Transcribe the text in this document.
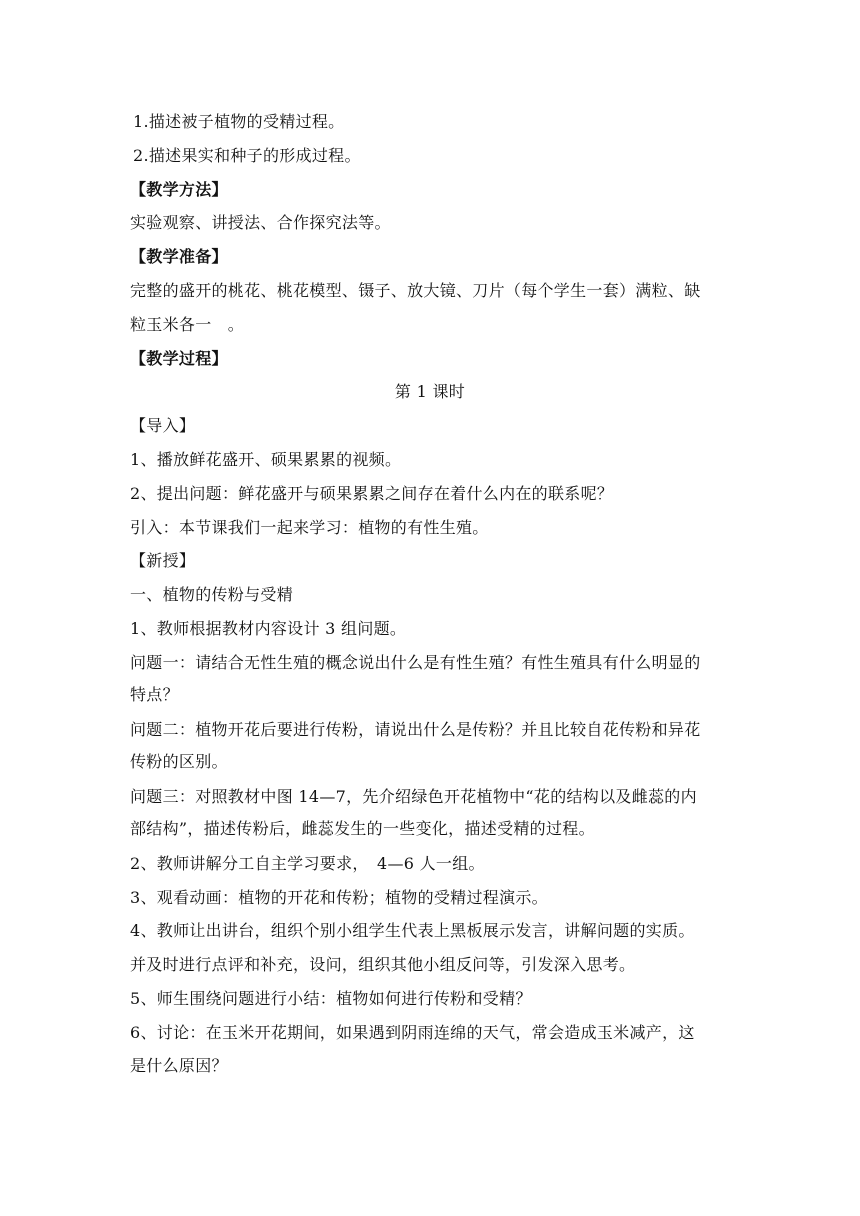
1.描述被子植物的受精过程。
2.描述果实和种子的形成过程。
【教学方法】
实验观察、讲授法、合作探究法等。
【教学准备】
完整的盛开的桃花、桃花模型、镊子、放大镜、刀片（每个学生一套）满粒、缺
粒玉米各一　。
【教学过程】
第 1 课时
【导入】
1、播放鲜花盛开、硕果累累的视频。
2、提出问题：鲜花盛开与硕果累累之间存在着什么内在的联系呢？
引入：本节课我们一起来学习：植物的有性生殖。
【新授】
一、植物的传粉与受精
1、教师根据教材内容设计 3 组问题。
问题一：请结合无性生殖的概念说出什么是有性生殖？有性生殖具有什么明显的
特点？
问题二：植物开花后要进行传粉，请说出什么是传粉？并且比较自花传粉和异花
传粉的区别。
问题三：对照教材中图 14—7，先介绍绿色开花植物中“花的结构以及雌蕊的内
部结构”，描述传粉后，雌蕊发生的一些变化，描述受精的过程。
2、教师讲解分工自主学习要求，　4—6 人一组。
3、观看动画：植物的开花和传粉；植物的受精过程演示。
4、教师让出讲台，组织个别小组学生代表上黑板展示发言，讲解问题的实质。
并及时进行点评和补充，设问，组织其他小组反问等，引发深入思考。
5、师生围绕问题进行小结：植物如何进行传粉和受精？
6、讨论：在玉米开花期间，如果遇到阴雨连绵的天气，常会造成玉米减产，这
是什么原因？
